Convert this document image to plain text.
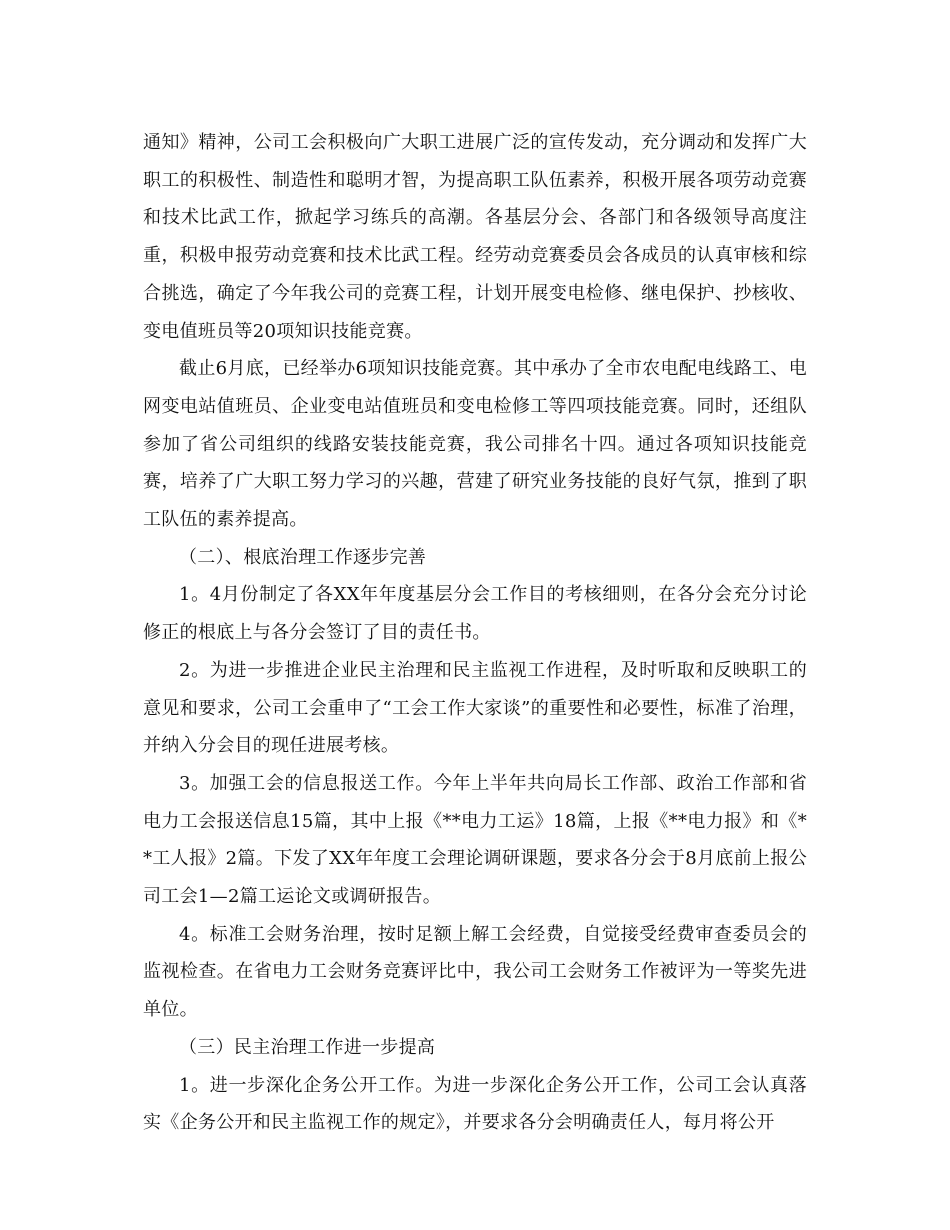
通知》精神，公司工会积极向广大职工进展广泛的宣传发动，充分调动和发挥广大职工的积极性、制造性和聪明才智，为提高职工队伍素养，积极开展各项劳动竞赛和技术比武工作，掀起学习练兵的高潮。各基层分会、各部门和各级领导高度注重，积极申报劳动竞赛和技术比武工程。经劳动竞赛委员会各成员的认真审核和综合挑选，确定了今年我公司的竞赛工程，计划开展变电检修、继电保护、抄核收、变电值班员等20项知识技能竞赛。

截止6月底，已经举办6项知识技能竞赛。其中承办了全市农电配电线路工、电网变电站值班员、企业变电站值班员和变电检修工等四项技能竞赛。同时，还组队参加了省公司组织的线路安装技能竞赛，我公司排名十四。通过各项知识技能竞赛，培养了广大职工努力学习的兴趣，营建了研究业务技能的良好气氛，推到了职工队伍的素养提高。

（二）、根底治理工作逐步完善

1。4月份制定了各XX年年度基层分会工作目的考核细则，在各分会充分讨论修正的根底上与各分会签订了目的责任书。

2。为进一步推进企业民主治理和民主监视工作进程，及时听取和反映职工的意见和要求，公司工会重申了“工会工作大家谈”的重要性和必要性，标准了治理，并纳入分会目的现任进展考核。

3。加强工会的信息报送工作。今年上半年共向局长工作部、政治工作部和省电力工会报送信息15篇，其中上报《**电力工运》18篇，上报《**电力报》和《**工人报》2篇。下发了XX年年度工会理论调研课题，要求各分会于8月底前上报公司工会1—2篇工运论文或调研报告。

4。标准工会财务治理，按时足额上解工会经费，自觉接受经费审查委员会的监视检查。在省电力工会财务竞赛评比中，我公司工会财务工作被评为一等奖先进单位。

（三）民主治理工作进一步提高

1。进一步深化企务公开工作。为进一步深化企务公开工作，公司工会认真落实《企务公开和民主监视工作的规定》，并要求各分会明确责任人，每月将公开
